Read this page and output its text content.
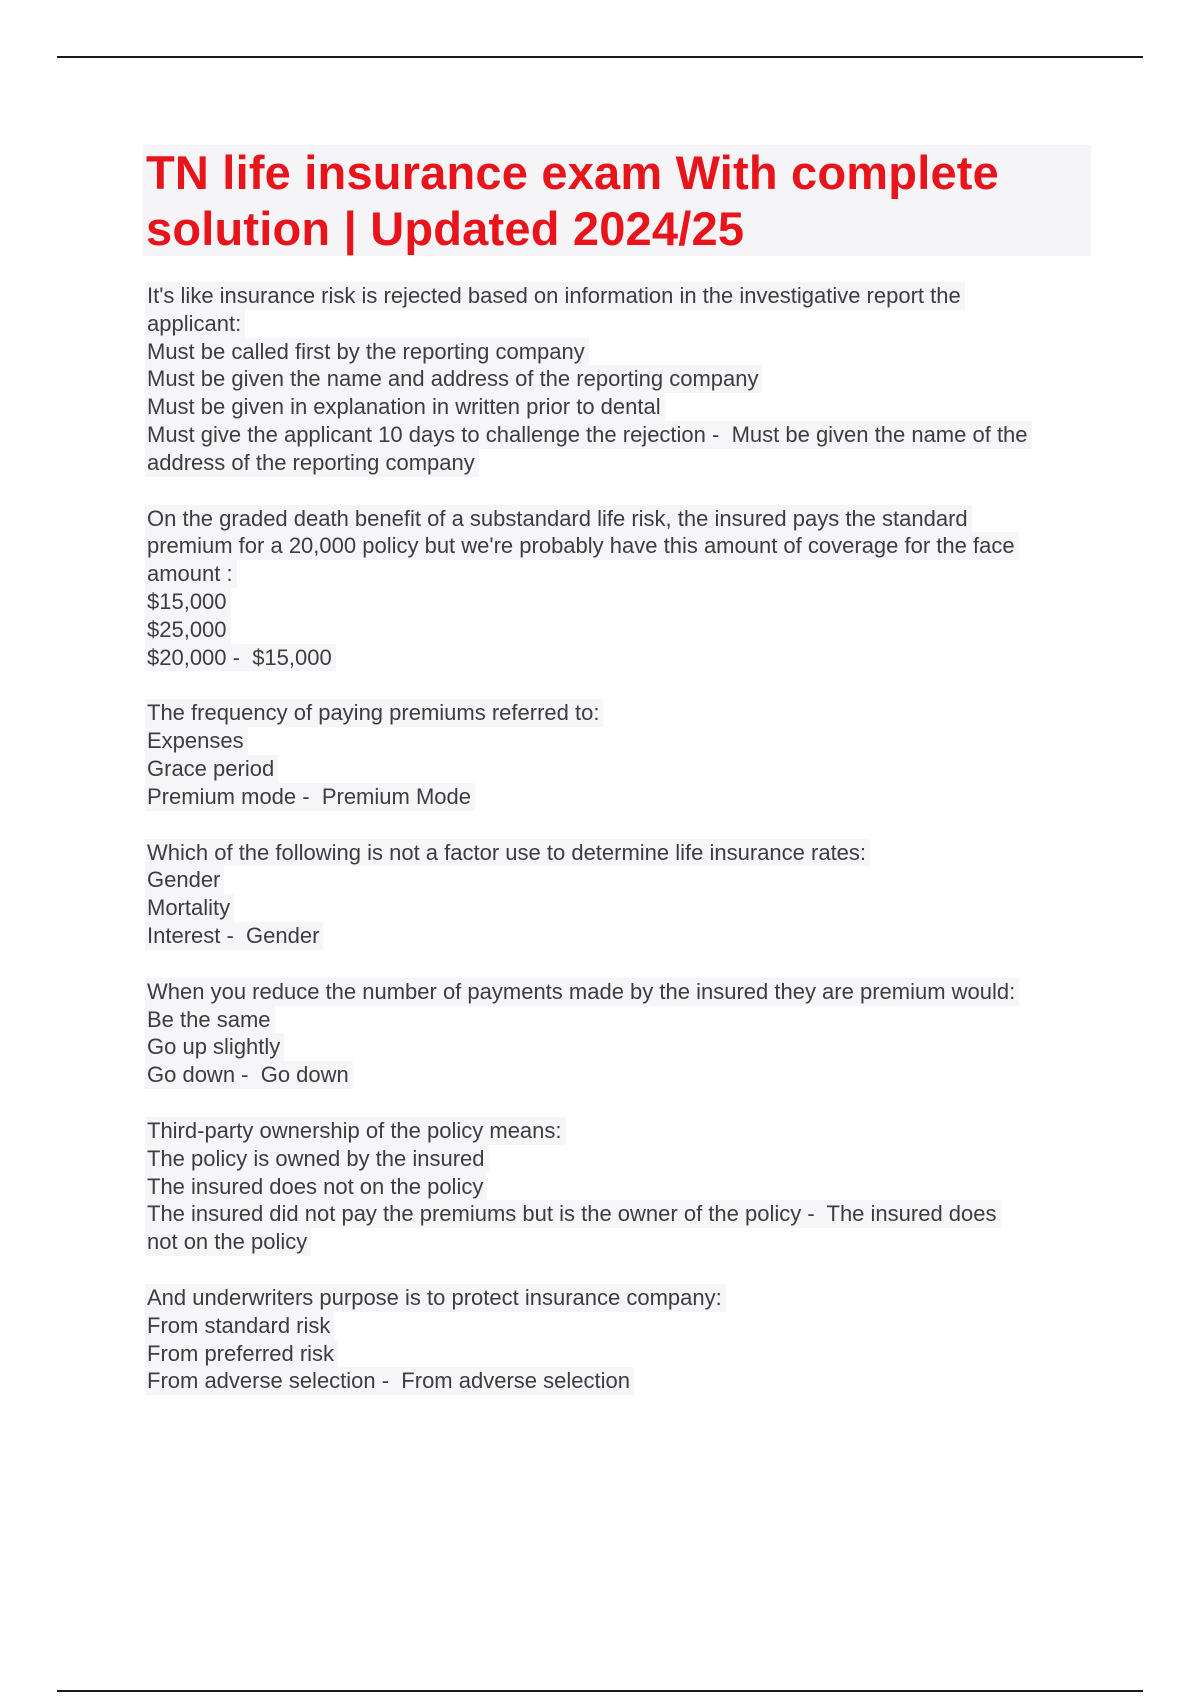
TN life insurance exam With complete
solution | Updated 2024/25
It's like insurance risk is rejected based on information in the investigative report the
applicant:
Must be called first by the reporting company
Must be given the name and address of the reporting company
Must be given in explanation in written prior to dental
Must give the applicant 10 days to challenge the rejection -  Must be given the name of the
address of the reporting company
On the graded death benefit of a substandard life risk, the insured pays the standard
premium for a 20,000 policy but we're probably have this amount of coverage for the face
amount :
$15,000
$25,000
$20,000 -  $15,000
The frequency of paying premiums referred to:
Expenses
Grace period
Premium mode -  Premium Mode
Which of the following is not a factor use to determine life insurance rates:
Gender
Mortality
Interest -  Gender
When you reduce the number of payments made by the insured they are premium would:
Be the same
Go up slightly
Go down -  Go down
Third-party ownership of the policy means:
The policy is owned by the insured
The insured does not on the policy
The insured did not pay the premiums but is the owner of the policy -  The insured does
not on the policy
And underwriters purpose is to protect insurance company:
From standard risk
From preferred risk
From adverse selection -  From adverse selection
